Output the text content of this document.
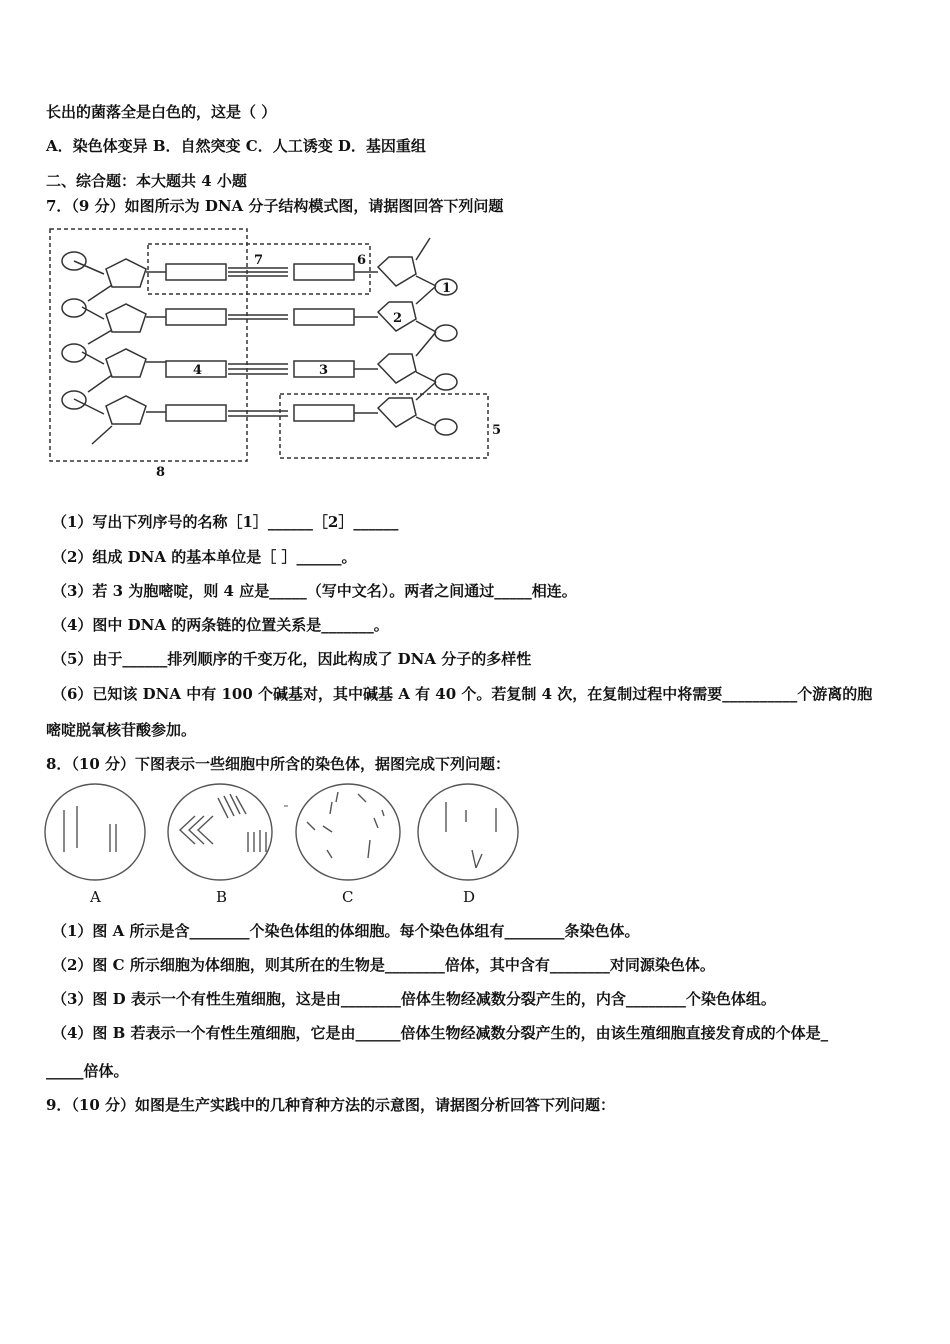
长出的菌落全是白色的，这是（ ）
A．染色体变异 B．自然突变 C．人工诱变 D．基因重组
二、综合题：本大题共 4 小题
7．（9 分）如图所示为 DNA 分子结构模式图，请据图回答下列问题
7	6
1
2
4	3
5
8
（1）写出下列序号的名称［1］______［2］______
（2）组成 DNA 的基本单位是［ ］______。
（3）若 3 为胞嘧啶，则 4 应是_____（写中文名）。两者之间通过_____相连。
（4）图中 DNA 的两条链的位置关系是_______。
（5）由于______排列顺序的千变万化，因此构成了 DNA 分子的多样性
（6）已知该 DNA 中有 100 个碱基对，其中碱基 A 有 40 个。若复制 4 次，在复制过程中将需要__________个游离的胞
嘧啶脱氧核苷酸参加。
8．（10 分）下图表示一些细胞中所含的染色体，据图完成下列问题：
A	B	C	D
（1）图 A 所示是含________个染色体组的体细胞。每个染色体组有________条染色体。
（2）图 C 所示细胞为体细胞，则其所在的生物是________倍体，其中含有________对同源染色体。
（3）图 D 表示一个有性生殖细胞，这是由________倍体生物经减数分裂产生的，内含________个染色体组。
（4）图 B 若表示一个有性生殖细胞，它是由______倍体生物经减数分裂产生的，由该生殖细胞直接发育成的个体是_
_____倍体。
9．（10 分）如图是生产实践中的几种育种方法的示意图，请据图分析回答下列问题：
